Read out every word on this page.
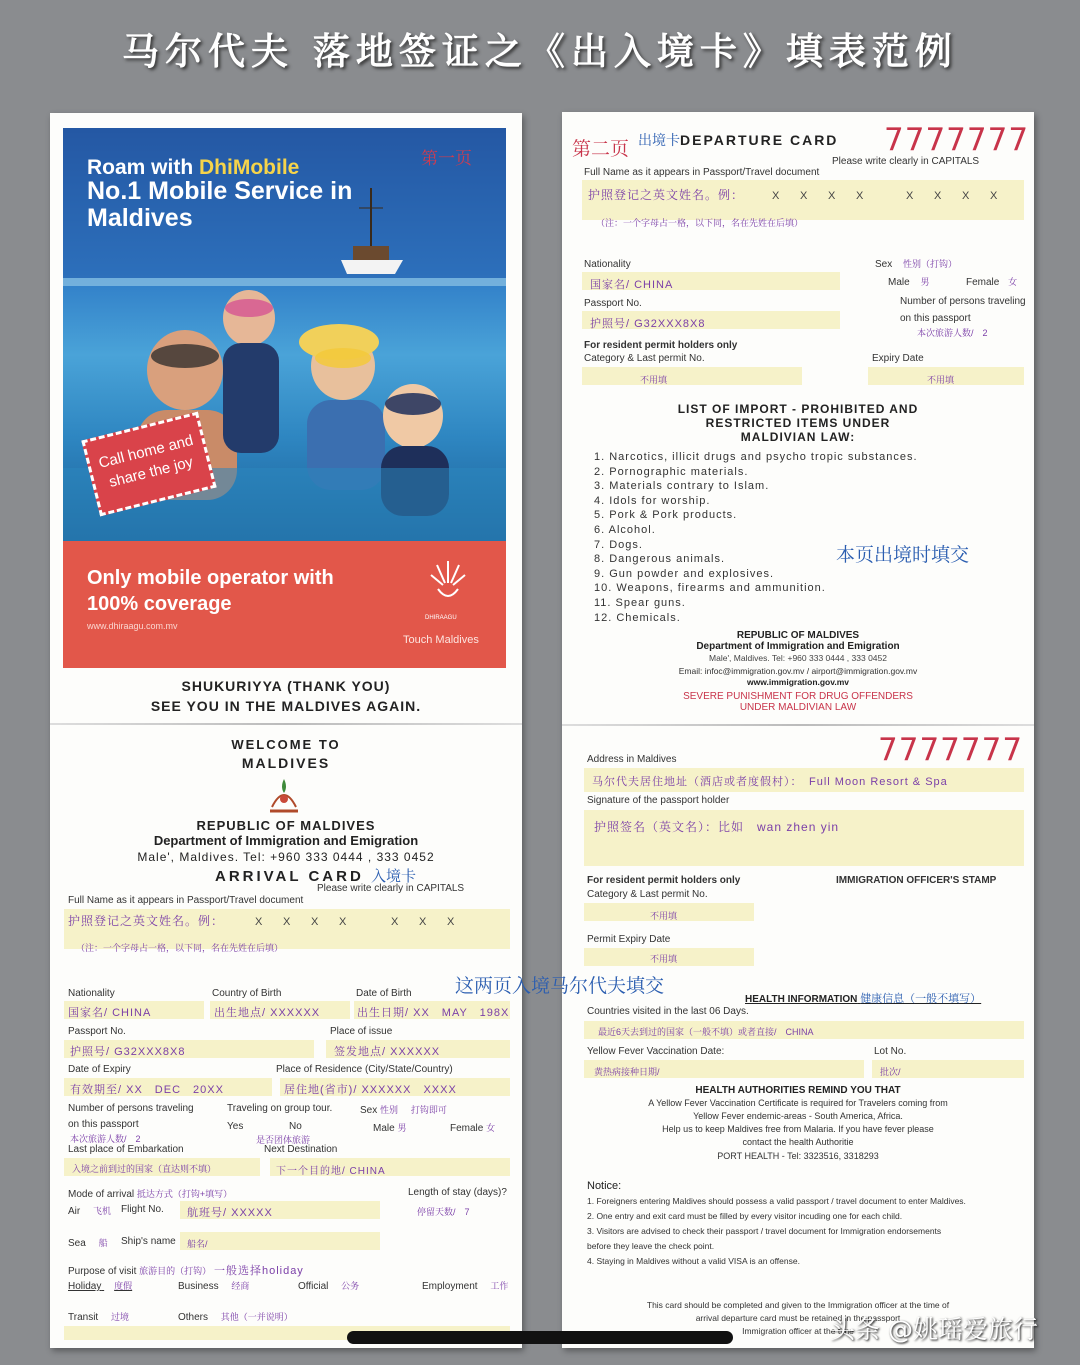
马尔代夫 落地签证之《出入境卡》填表范例
Roam with DhiMobile
No.1 Mobile Service in Maldives
第一页
Call home and share the joy
Only mobile operator with 100% coverage
www.dhiraagu.com.mv
DHIRAAGU
Touch Maldives
SHUKURIYYA (THANK YOU)
SEE YOU IN THE MALDIVES AGAIN.
WELCOME TO
MALDIVES
REPUBLIC OF MALDIVES
Department of Immigration and Emigration
Male', Maldives. Tel: +960 333 0444 , 333 0452
ARRIVAL CARD 入境卡
Please write clearly in CAPITALS
Full Name as it appears in Passport/Travel document
护照登记之英文姓名。例：	X X X X	X X X
（注：一个字母占一格，以下同，名在先姓在后填）
Nationality
国家名/ CHINA
Country of Birth
出生地点/ XXXXXX
Date of Birth
出生日期/ XX　MAY　198X
Passport No.
护照号/ G32XXX8X8
Place of issue
签发地点/ XXXXXX
Date of Expiry
有效期至/ XX　DEC　20XX
Place of Residence (City/State/Country)
居住地(省市)/ XXXXXX　XXXX
Number of persons traveling
on this passport
本次旅游人数/　2
Traveling on group tour.
Yes	No
是否团体旅游
Sex 性别 打钩即可
Male 男	Female 女
Last place of Embarkation
入境之前到过的国家（直达则不填）
Next Destination
下一个目的地/ CHINA
Mode of arrival 抵达方式（打钩+填写）	Length of stay (days)?
停留天数/　7
Air 飞机 Flight No. 航班号/ XXXXX
Sea 船 Ship's name 船名/
Purpose of visit 旅游目的（打钩） 一般选择holiday
Holiday 度假	Business 经商	Official 公务	Employment 工作
Transit 过境	Others 其他（一并说明）
第二页 出境卡DEPARTURE CARD 7777777
Please write clearly in CAPITALS
Full Name as it appears in Passport/Travel document
护照登记之英文姓名。例：	X X X X	X X X X
（注：一个字母占一格，以下同，名在先姓在后填）
Nationality
国家名/ CHINA
Sex 性别（打钩）
Male 男	Female 女
Passport No.
护照号/ G32XXX8X8
Number of persons traveling
on this passport
本次旅游人数/　2
For resident permit holders only
Category & Last permit No.
不用填
Expiry Date
不用填
LIST OF IMPORT - PROHIBITED AND
RESTRICTED ITEMS UNDER
MALDIVIAN LAW:
1. Narcotics, illicit drugs and psycho tropic substances.
2. Pornographic materials.
3. Materials contrary to Islam.
4. Idols for worship.
5. Pork & Pork products.
6. Alcohol.
7. Dogs.
8. Dangerous animals.
9. Gun powder and explosives.
10. Weapons, firearms and ammunition.
11. Spear guns.
12. Chemicals.
本页出境时填交
REPUBLIC OF MALDIVES
Department of Immigration and Emigration
Male', Maldives. Tel: +960 333 0444 , 333 0452
Email: infoc@immigration.gov.mv / airport@immigration.gov.mv
www.immigration.gov.mv
SEVERE PUNISHMENT FOR DRUG OFFENDERS
UNDER MALDIVIAN LAW
7777777
Address in Maldives
马尔代夫居住地址（酒店或者度假村）：　Full Moon Resort & Spa
Signature of the passport holder
护照签名（英文名）：比如　wan zhen yin
For resident permit holders only	IMMIGRATION OFFICER'S STAMP
Category & Last permit No.
不用填
Permit Expiry Date
不用填
HEALTH INFORMATION 健康信息（一般不填写）
Countries visited in the last 06 Days.
最近6天去到过的国家（一般不填）或者直接/　CHINA
Yellow Fever Vaccination Date:
黄热病接种日期/
Lot No.
批次/
HEALTH AUTHORITIES REMIND YOU THAT
A Yellow Fever Vaccination Certificate is required for Travelers coming from
Yellow Fever endemic-areas - South America, Africa.
Help us to keep Maldives free from Malaria. If you have fever please
contact the health Authoritie
PORT HEALTH - Tel: 3323516, 3318293
Notice:
1. Foreigners entering Maldives should possess a valid passport / travel document to enter Maldives.
2. One entry and exit card must be filled by every visitor incuding one for each child.
3. Visitors are advised to check their passport / travel document for Immigration endorsements
before they leave the check point.
4. Staying in Maldives without a valid VISA is an offense.
This card should be completed and given to the Immigration officer at the time of
arrival departure card must be retained in the passport
Immigration officer at the time
这两页入境马尔代夫填交
头条 @姚瑶爱旅行
